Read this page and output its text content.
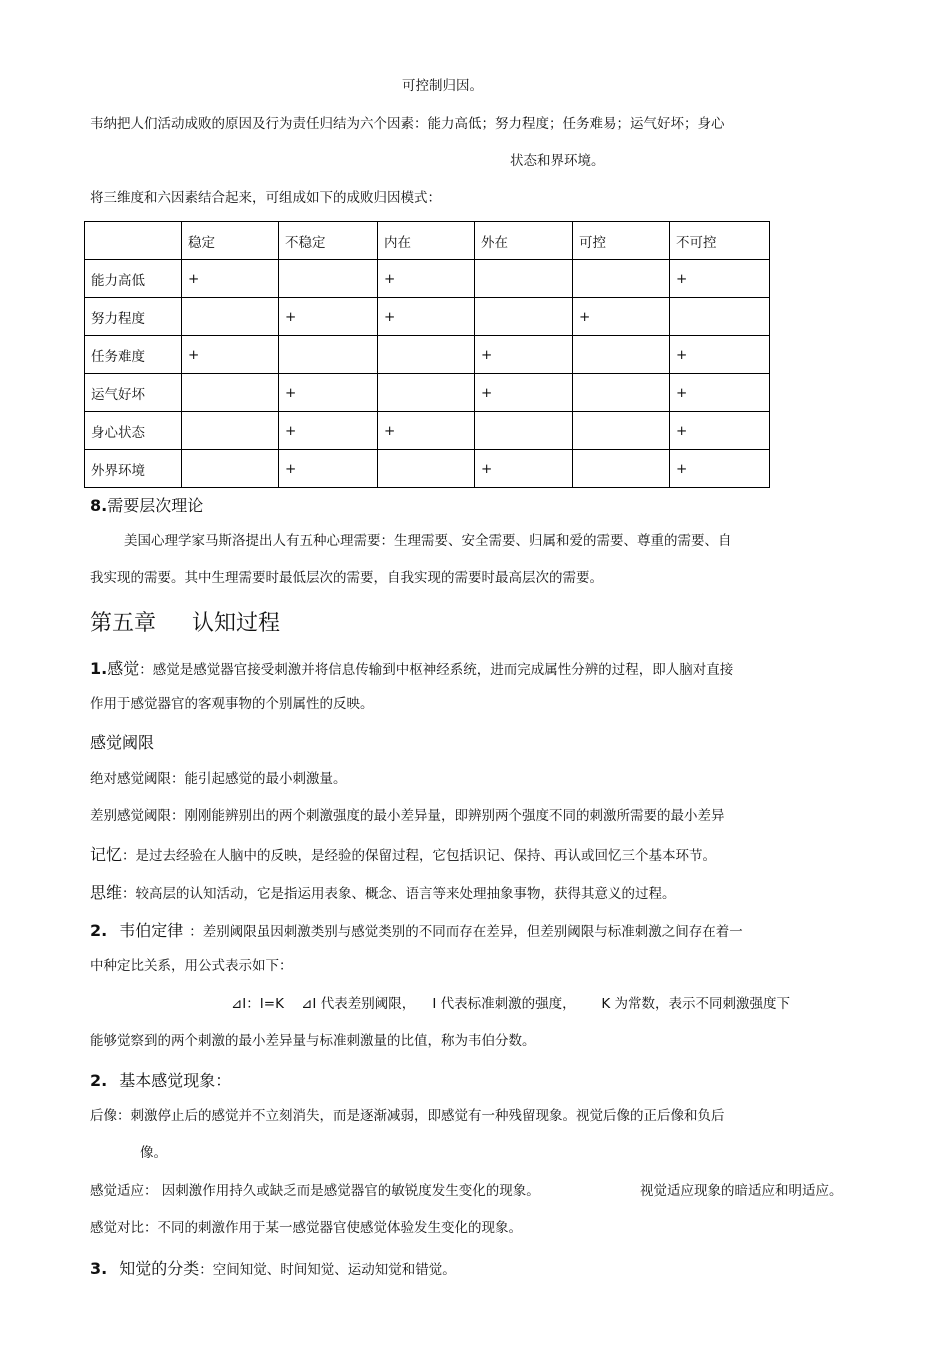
可控制归因。
韦纳把人们活动成败的原因及行为责任归结为六个因素：能力高低；努力程度；任务难易；运气好坏；身心
状态和界环境。
将三维度和六因素结合起来，可组成如下的成败归因模式：
	稳定	不稳定	内在	外在	可控	不可控
能力高低	+		+			+
努力程度		+	+		+	
任务难度	+			+		+
运气好坏		+		+		+
身心状态		+	+			+
外界环境		+		+		+
8.需要层次理论
美国心理学家马斯洛提出人有五种心理需要：生理需要、安全需要、归属和爱的需要、尊重的需要、自
我实现的需要。其中生理需要时最低层次的需要，自我实现的需要时最高层次的需要。
第五章 认知过程
1.感觉：感觉是感觉器官接受刺激并将信息传输到中枢神经系统，进而完成属性分辨的过程，即人脑对直接
作用于感觉器官的客观事物的个别属性的反映。
感觉阈限
绝对感觉阈限：能引起感觉的最小刺激量。
差别感觉阈限：刚刚能辨别出的两个刺激强度的最小差异量，即辨别两个强度不同的刺激所需要的最小差异
记忆：是过去经验在人脑中的反映，是经验的保留过程，它包括识记、保持、再认或回忆三个基本环节。
思维：较高层的认知活动，它是指运用表象、概念、语言等来处理抽象事物，获得其意义的过程。
2. 韦伯定律 ：差别阈限虽因刺激类别与感觉类别的不同而存在差异，但差别阈限与标准刺激之间存在着一
中种定比关系，用公式表示如下：
⊿I：I=K    ⊿I 代表差别阈限，    I 代表标准刺激的强度，      K 为常数，表示不同刺激强度下
能够觉察到的两个刺激的最小差异量与标准刺激量的比值，称为韦伯分数。
2. 基本感觉现象：
后像：刺激停止后的感觉并不立刻消失，而是逐渐减弱，即感觉有一种残留现象。视觉后像的正后像和负后
像。
感觉适应： 因刺激作用持久或缺乏而是感觉器官的敏锐度发生变化的现象。	视觉适应现象的暗适应和明适应。
感觉对比：不同的刺激作用于某一感觉器官使感觉体验发生变化的现象。
3. 知觉的分类：空间知觉、时间知觉、运动知觉和错觉。
